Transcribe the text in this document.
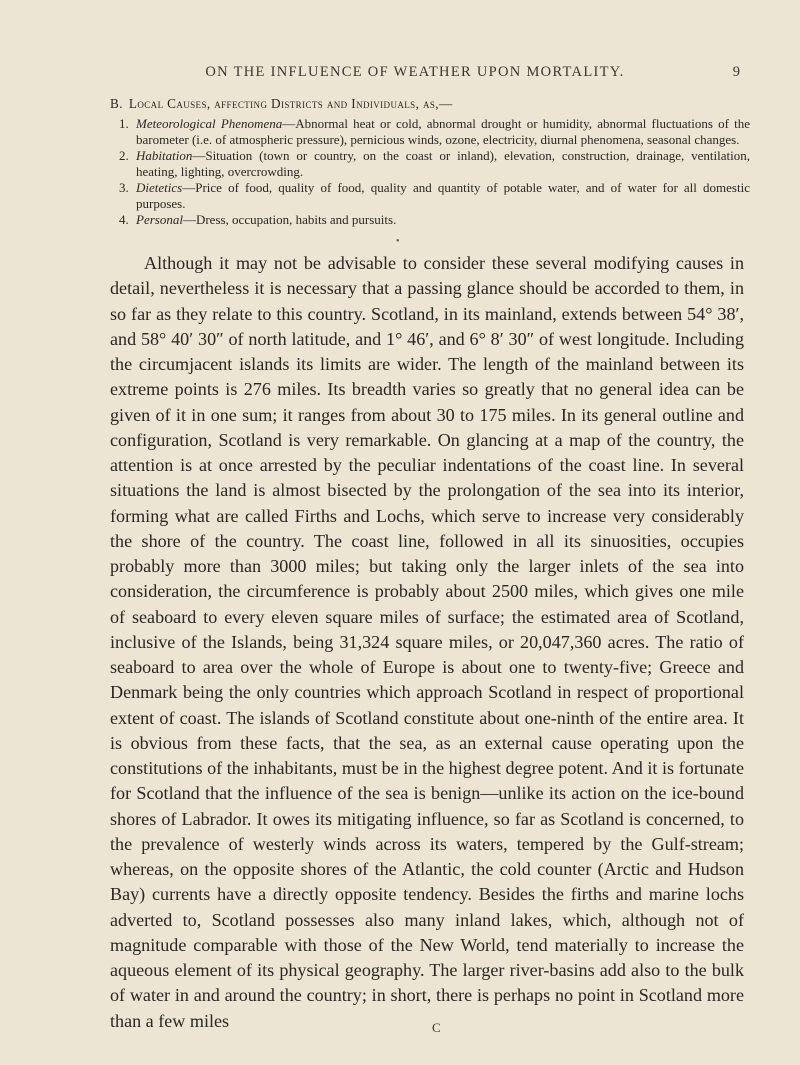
ON THE INFLUENCE OF WEATHER UPON MORTALITY.	9

B. Local Causes, affecting Districts and Individuals, as,—

1. Meteorological Phenomena—Abnormal heat or cold, abnormal drought or humidity, abnormal fluctuations of the barometer (i.e. of atmospheric pressure), pernicious winds, ozone, electricity, diurnal phenomena, seasonal changes.
2. Habitation—Situation (town or country, on the coast or inland), elevation, construction, drainage, ventilation, heating, lighting, overcrowding.
3. Dietetics—Price of food, quality of food, quality and quantity of potable water, and of water for all domestic purposes.
4. Personal—Dress, occupation, habits and pursuits.
•

Although it may not be advisable to consider these several modifying causes in detail, nevertheless it is necessary that a passing glance should be accorded to them, in so far as they relate to this country. Scotland, in its mainland, extends between 54° 38′, and 58° 40′ 30″ of north latitude, and 1° 46′, and 6° 8′ 30″ of west longitude. Including the circumjacent islands its limits are wider. The length of the mainland between its extreme points is 276 miles. Its breadth varies so greatly that no general idea can be given of it in one sum; it ranges from about 30 to 175 miles. In its general outline and configuration, Scotland is very remarkable. On glancing at a map of the country, the attention is at once arrested by the peculiar indentations of the coast line. In several situations the land is almost bisected by the prolongation of the sea into its interior, forming what are called Firths and Lochs, which serve to increase very considerably the shore of the country. The coast line, followed in all its sinuosities, occupies probably more than 3000 miles; but taking only the larger inlets of the sea into consideration, the circumference is probably about 2500 miles, which gives one mile of seaboard to every eleven square miles of surface; the estimated area of Scotland, inclusive of the Islands, being 31,324 square miles, or 20,047,360 acres. The ratio of seaboard to area over the whole of Europe is about one to twenty-five; Greece and Denmark being the only countries which approach Scotland in respect of proportional extent of coast. The islands of Scotland constitute about one-ninth of the entire area. It is obvious from these facts, that the sea, as an external cause operating upon the constitutions of the inhabitants, must be in the highest degree potent. And it is fortunate for Scotland that the influence of the sea is benign—unlike its action on the ice-bound shores of Labrador. It owes its mitigating influence, so far as Scotland is concerned, to the prevalence of westerly winds across its waters, tempered by the Gulf-stream; whereas, on the opposite shores of the Atlantic, the cold counter (Arctic and Hudson Bay) currents have a directly opposite tendency. Besides the firths and marine lochs adverted to, Scotland possesses also many inland lakes, which, although not of magnitude comparable with those of the New World, tend materially to increase the aqueous element of its physical geography. The larger river-basins add also to the bulk of water in and around the country; in short, there is perhaps no point in Scotland more than a few miles	C
